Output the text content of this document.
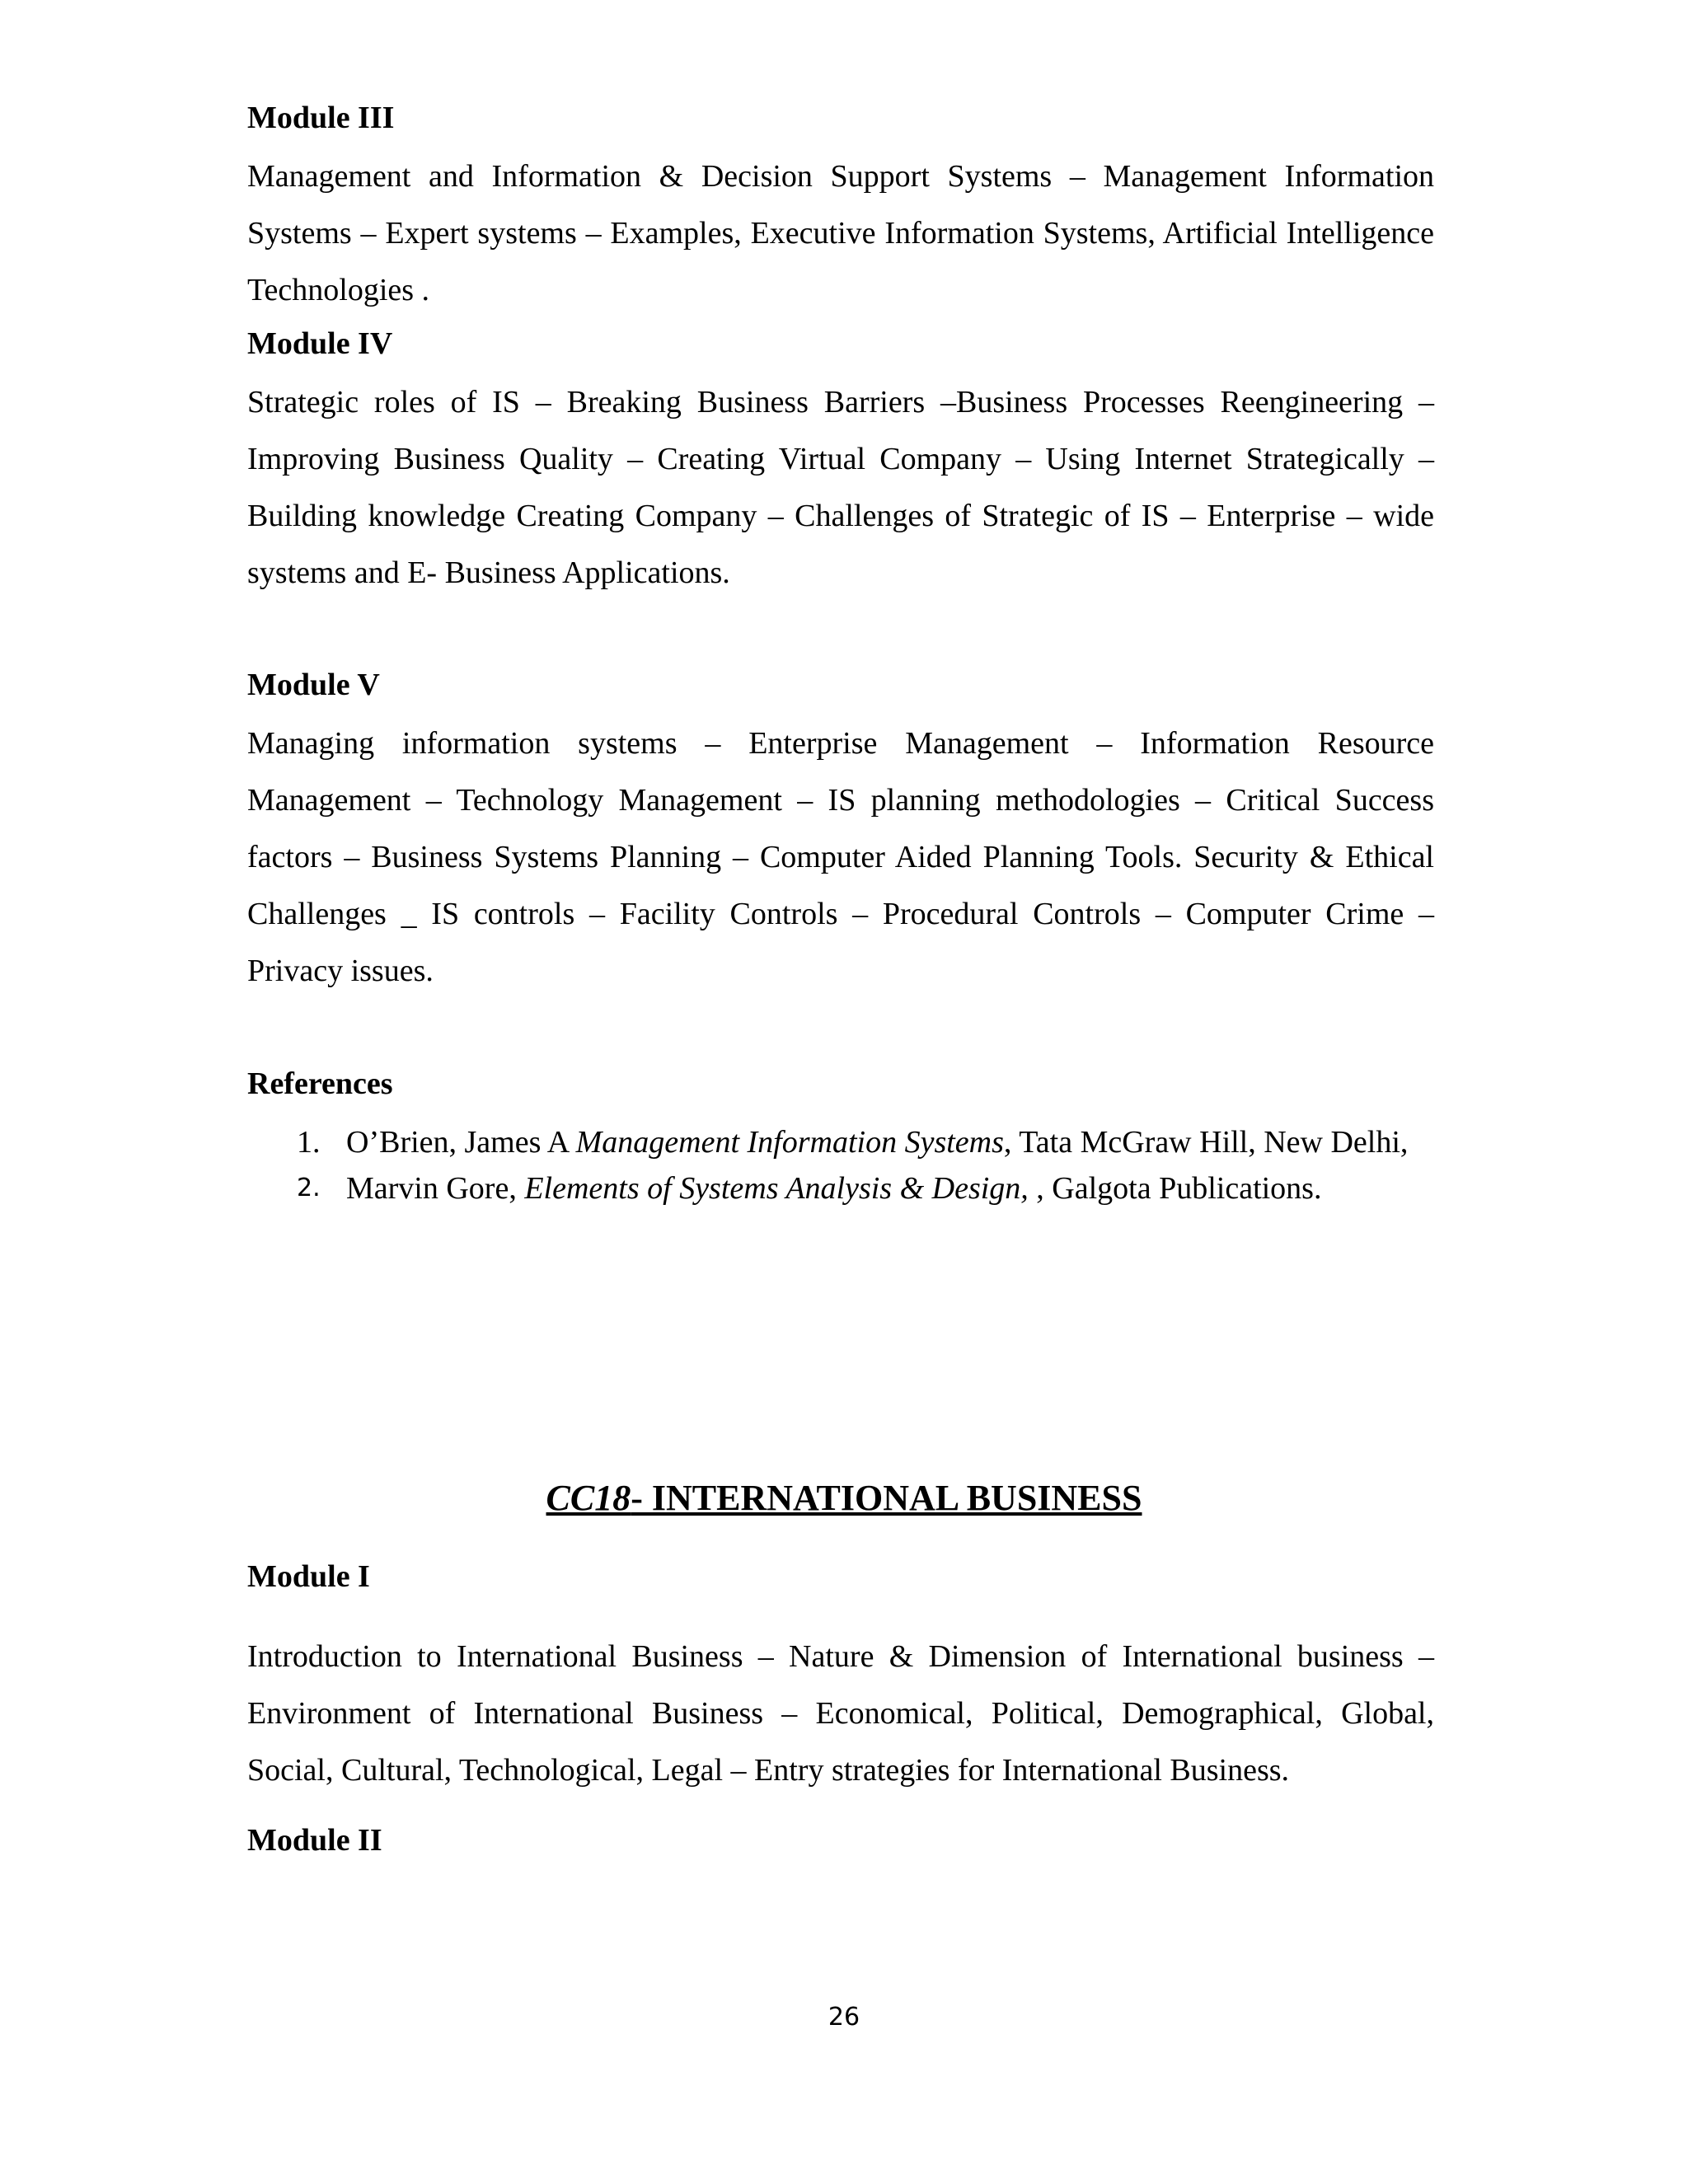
Module III

Management and Information & Decision Support Systems – Management Information Systems – Expert systems – Examples, Executive Information Systems, Artificial Intelligence Technologies .

Module IV

Strategic roles of IS – Breaking Business Barriers –Business Processes Reengineering – Improving Business Quality – Creating Virtual Company – Using Internet Strategically – Building knowledge Creating Company – Challenges of Strategic of IS – Enterprise – wide systems and E- Business Applications.

Module V

Managing information systems – Enterprise Management – Information Resource Management – Technology Management – IS planning methodologies – Critical Success factors – Business Systems Planning – Computer Aided Planning Tools. Security & Ethical Challenges _ IS controls – Facility Controls – Procedural Controls – Computer Crime – Privacy issues.

References

1. O’Brien, James A Management Information Systems, Tata McGraw Hill, New Delhi,
2. Marvin Gore, Elements of Systems Analysis & Design, , Galgota Publications.

CC18- INTERNATIONAL BUSINESS

Module I

Introduction to International Business – Nature & Dimension of International business – Environment of International Business – Economical, Political, Demographical, Global, Social, Cultural, Technological, Legal – Entry strategies for International Business.

Module II

26
